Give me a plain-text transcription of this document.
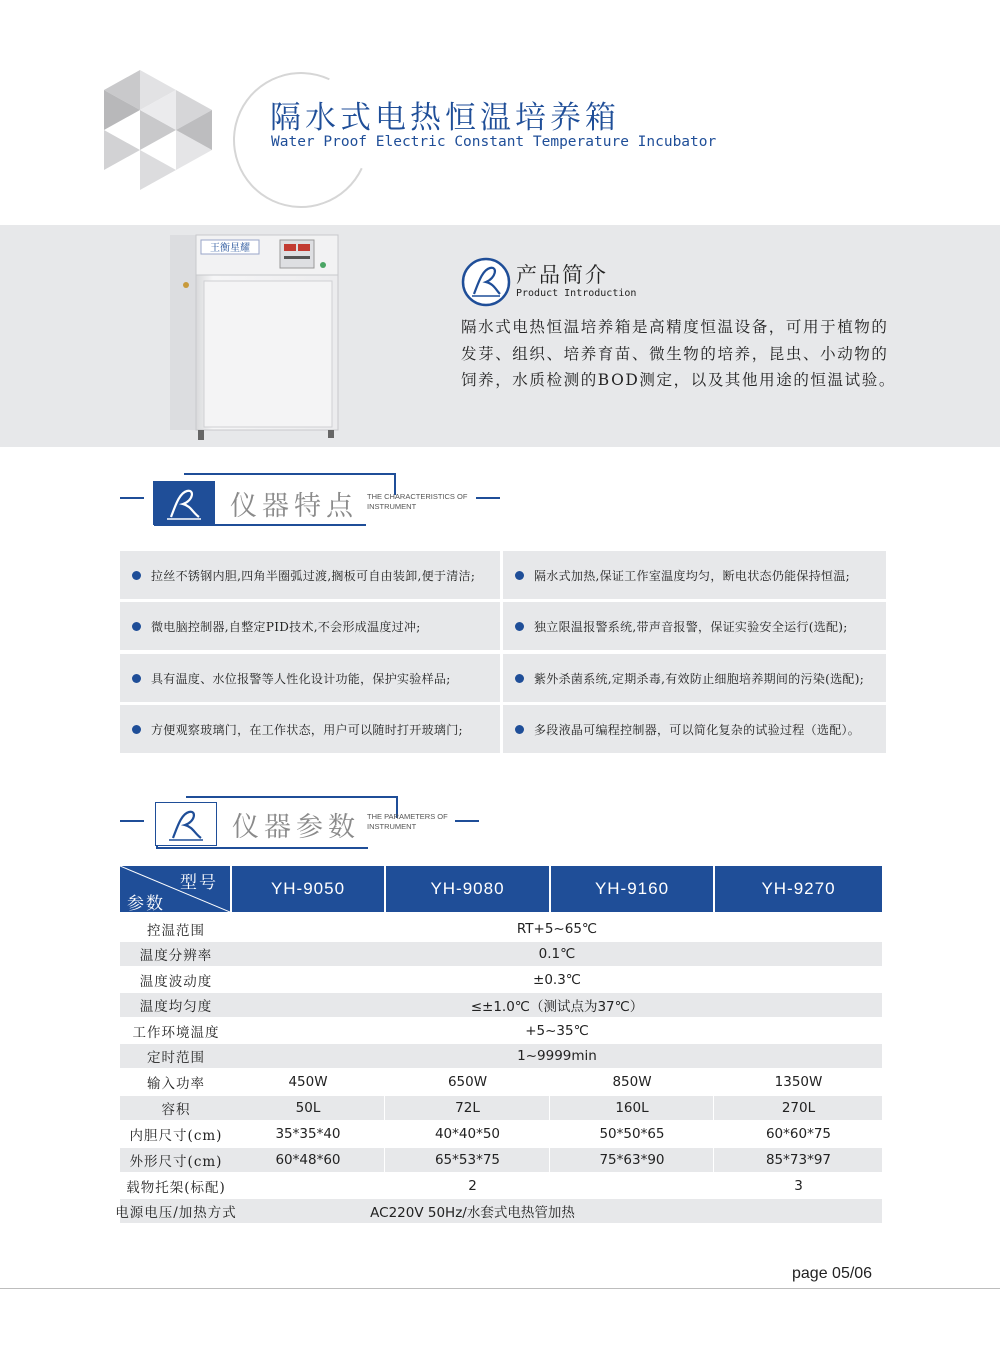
隔水式电热恒温培养箱
Water Proof Electric Constant Temperature Incubator
王衡星耀
产品简介
Product Introduction
隔水式电热恒温培养箱是高精度恒温设备，可用于植物的发芽、组织、培养育苗、微生物的培养，昆虫、小动物的饲养，水质检测的BOD测定，以及其他用途的恒温试验。
仪器特点 THE CHARACTERISTICS OF INSTRUMENT
拉丝不锈钢内胆,四角半圈弧过渡,搁板可自由装卸,便于清洁;	隔水式加热,保证工作室温度均匀，断电状态仍能保持恒温;
微电脑控制器,自整定PID技术,不会形成温度过冲;	独立限温报警系统,带声音报警，保证实验安全运行(选配);
具有温度、水位报警等人性化设计功能，保护实验样品;	紫外杀菌系统,定期杀毒,有效防止细胞培养期间的污染(选配);
方便观察玻璃门，在工作状态，用户可以随时打开玻璃门;	多段液晶可编程控制器，可以简化复杂的试验过程（选配）。
仪器参数 THE PARAMETERS OF INSTRUMENT
型号
参数
YH-9050	YH-9080	YH-9160	YH-9270
控温范围	RT+5~65℃
温度分辨率	0.1℃
温度波动度	±0.3℃
温度均匀度	≤±1.0℃（测试点为37℃）
工作环境温度	+5~35℃
定时范围	1~9999min
输入功率	450W	650W	850W	1350W
容积	50L	72L	160L	270L
内胆尺寸(cm)	35*35*40	40*40*50	50*50*65	60*60*75
外形尺寸(cm)	60*48*60	65*53*75	75*63*90	85*73*97
载物托架(标配)	2	3
电源电压/加热方式	AC220V 50Hz/水套式电热管加热
page 05/06
